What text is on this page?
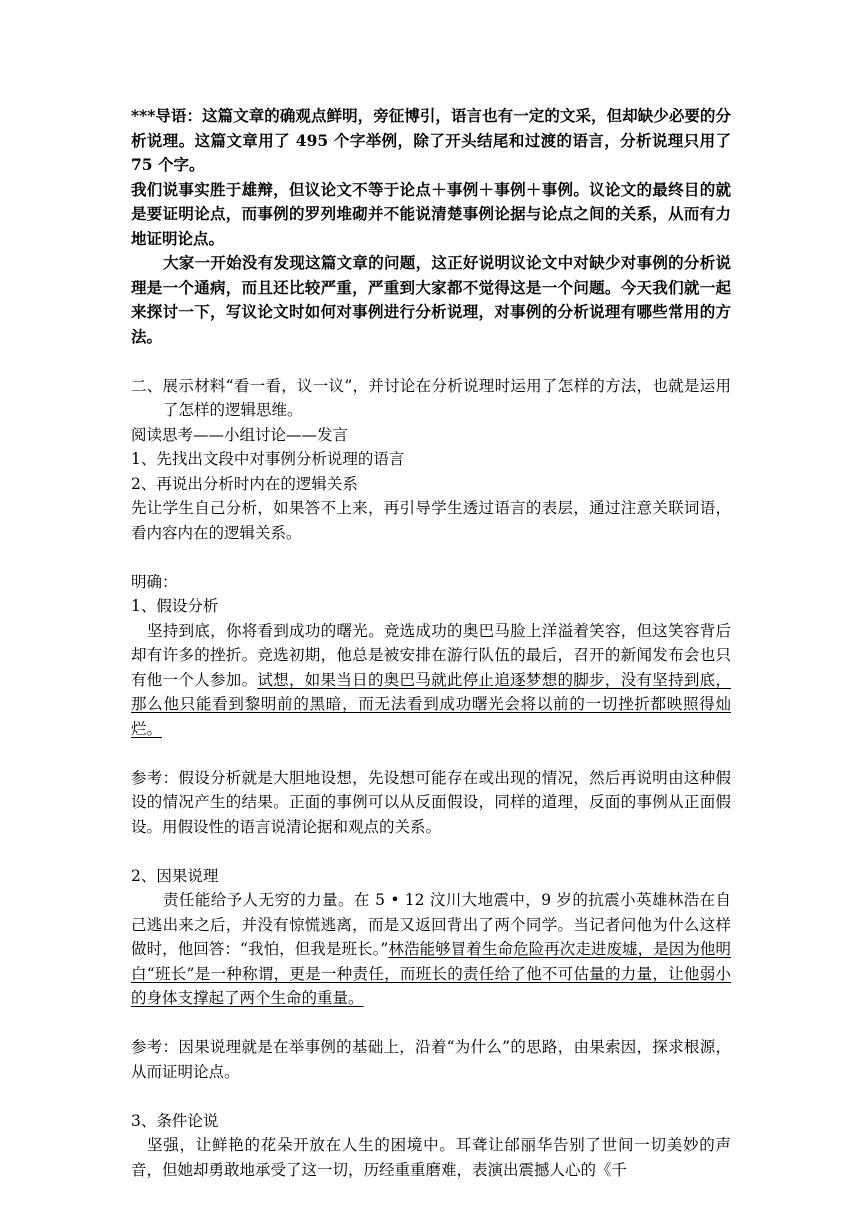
***导语：这篇文章的确观点鲜明，旁征博引，语言也有一定的文采，但却缺少必要的分析说理。这篇文章用了 495 个字举例，除了开头结尾和过渡的语言，分析说理只用了 75 个字。

我们说事实胜于雄辩，但议论文不等于论点＋事例＋事例＋事例。议论文的最终目的就是要证明论点，而事例的罗列堆砌并不能说清楚事例论据与论点之间的关系，从而有力地证明论点。

大家一开始没有发现这篇文章的问题，这正好说明议论文中对缺少对事例的分析说理是一个通病，而且还比较严重，严重到大家都不觉得这是一个问题。今天我们就一起来探讨一下，写议论文时如何对事例进行分析说理，对事例的分析说理有哪些常用的方法。

二、展示材料“看一看，议一议”，并讨论在分析说理时运用了怎样的方法，也就是运用了怎样的逻辑思维。

阅读思考——小组讨论——发言

1、先找出文段中对事例分析说理的语言

2、再说出分析时内在的逻辑关系

先让学生自己分析，如果答不上来，再引导学生透过语言的表层，通过注意关联词语，看内容内在的逻辑关系。

明确：

1、假设分析

坚持到底，你将看到成功的曙光。竞选成功的奥巴马脸上洋溢着笑容，但这笑容背后却有许多的挫折。竞选初期，他总是被安排在游行队伍的最后，召开的新闻发布会也只有他一个人参加。试想，如果当日的奥巴马就此停止追逐梦想的脚步，没有坚持到底，那么他只能看到黎明前的黑暗，而无法看到成功曙光会将以前的一切挫折都映照得灿烂。

参考：假设分析就是大胆地设想，先设想可能存在或出现的情况，然后再说明由这种假设的情况产生的结果。正面的事例可以从反面假设，同样的道理，反面的事例从正面假设。用假设性的语言说清论据和观点的关系。

2、因果说理

责任能给予人无穷的力量。在 5 • 12 汶川大地震中，9 岁的抗震小英雄林浩在自己逃出来之后，并没有惊慌逃离，而是又返回背出了两个同学。当记者问他为什么这样做时，他回答：“我怕，但我是班长。”林浩能够冒着生命危险再次走进废墟，是因为他明白“班长”是一种称谓，更是一种责任，而班长的责任给了他不可估量的力量，让他弱小的身体支撑起了两个生命的重量。

参考：因果说理就是在举事例的基础上，沿着“为什么”的思路，由果索因，探求根源，从而证明论点。

3、条件论说

坚强，让鲜艳的花朵开放在人生的困境中。耳聋让邰丽华告别了世间一切美妙的声音，但她却勇敢地承受了这一切，历经重重磨难，表演出震撼人心的《千
